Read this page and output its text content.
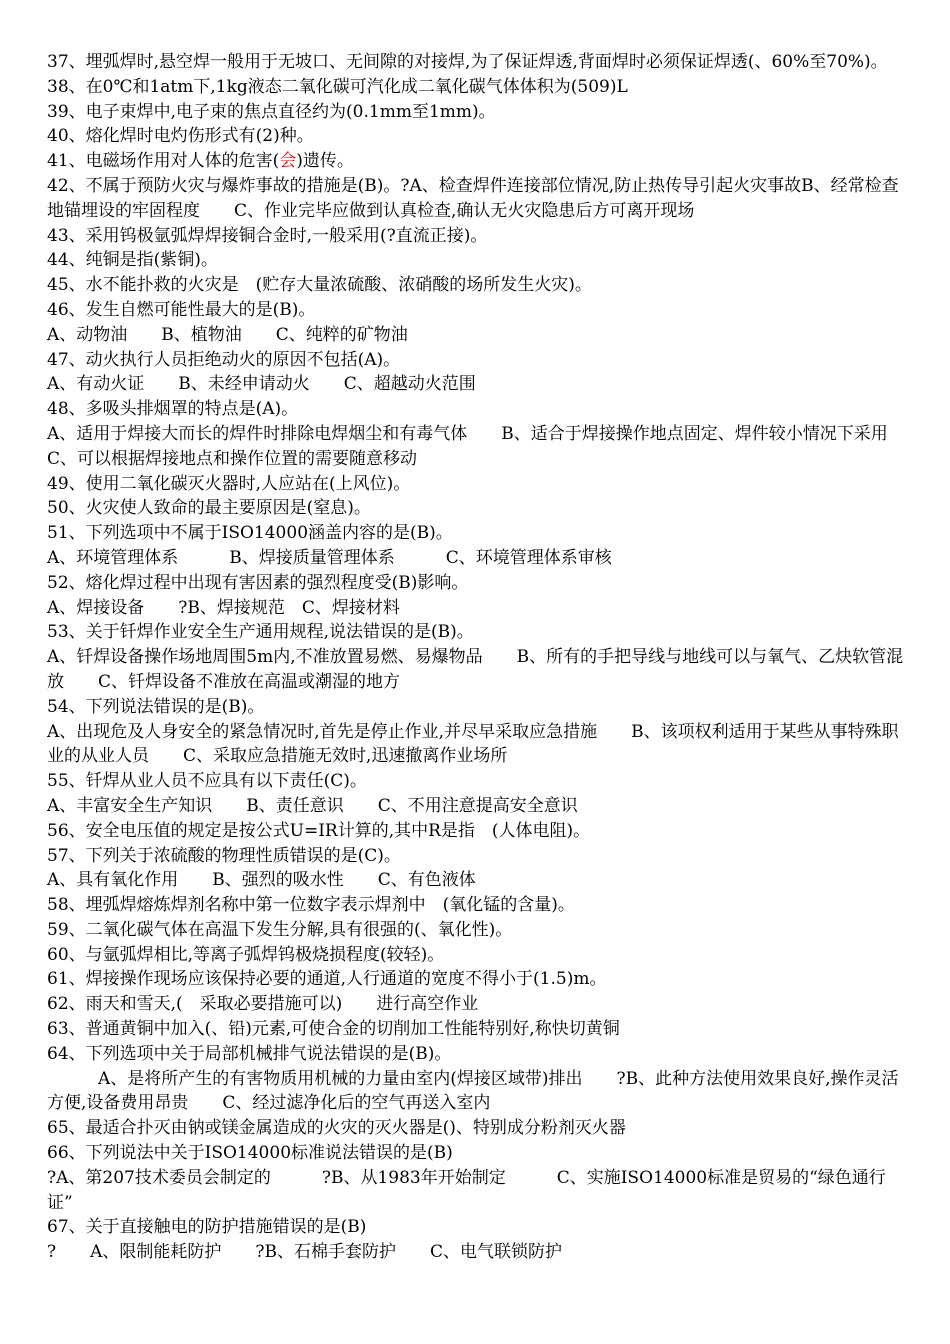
37、埋弧焊时,悬空焊一般用于无坡口、无间隙的对接焊,为了保证焊透,背面焊时必须保证焊透(、60%至70%)。
38、在0℃和1atm下,1kg液态二氧化碳可汽化成二氧化碳气体体积为(509)L
39、电子束焊中,电子束的焦点直径约为(0.1mm至1mm)。
40、熔化焊时电灼伤形式有(2)种。
41、电磁场作用对人体的危害(会)遗传。
42、不属于预防火灾与爆炸事故的措施是(B)。?A、检查焊件连接部位情况,防止热传导引起火灾事故B、经常检查地锚埋设的牢固程度　　C、作业完毕应做到认真检查,确认无火灾隐患后方可离开现场
43、采用钨极氩弧焊焊接铜合金时,一般采用(?直流正接)。
44、纯铜是指(紫铜)。
45、水不能扑救的火灾是　(贮存大量浓硫酸、浓硝酸的场所发生火灾)。
46、发生自燃可能性最大的是(B)。
A、动物油　　B、植物油　　C、纯粹的矿物油
47、动火执行人员拒绝动火的原因不包括(A)。
A、有动火证　　B、未经申请动火　　C、超越动火范围
48、多吸头排烟罩的特点是(A)。
A、适用于焊接大而长的焊件时排除电焊烟尘和有毒气体　　B、适合于焊接操作地点固定、焊件较小情况下采用　　　C、可以根据焊接地点和操作位置的需要随意移动
49、使用二氧化碳灭火器时,人应站在(上风位)。
50、火灾使人致命的最主要原因是(窒息)。
51、下列选项中不属于ISO14000涵盖内容的是(B)。
A、环境管理体系　　　B、焊接质量管理体系　　　C、环境管理体系审核
52、熔化焊过程中出现有害因素的强烈程度受(B)影响。
A、焊接设备　　?B、焊接规范　C、焊接材料
53、关于钎焊作业安全生产通用规程,说法错误的是(B)。
A、钎焊设备操作场地周围5m内,不准放置易燃、易爆物品　　B、所有的手把导线与地线可以与氧气、乙炔软管混放　　C、钎焊设备不准放在高温或潮湿的地方
54、下列说法错误的是(B)。
A、出现危及人身安全的紧急情况时,首先是停止作业,并尽早采取应急措施　　B、该项权利适用于某些从事特殊职业的从业人员　　C、采取应急措施无效时,迅速撤离作业场所
55、钎焊从业人员不应具有以下责任(C)。
A、丰富安全生产知识　　B、责任意识　　C、不用注意提高安全意识
56、安全电压值的规定是按公式U=IR计算的,其中R是指　(人体电阻)。
57、下列关于浓硫酸的物理性质错误的是(C)。
A、具有氧化作用　　B、强烈的吸水性　　C、有色液体
58、埋弧焊熔炼焊剂名称中第一位数字表示焊剂中　(氧化锰的含量)。
59、二氧化碳气体在高温下发生分解,具有很强的(、氧化性)。
60、与氩弧焊相比,等离子弧焊钨极烧损程度(较轻)。
61、焊接操作现场应该保持必要的通道,人行通道的宽度不得小于(1.5)m。
62、雨天和雪天,(　采取必要措施可以)　　进行高空作业
63、普通黄铜中加入(、铅)元素,可使合金的切削加工性能特别好,称快切黄铜
64、下列选项中关于局部机械排气说法错误的是(B)。
　　　A、是将所产生的有害物质用机械的力量由室内(焊接区域带)排出　　?B、此种方法使用效果良好,操作灵活方便,设备费用昂贵　　C、经过滤净化后的空气再送入室内
65、最适合扑灭由钠或镁金属造成的火灾的灭火器是()、特别成分粉剂灭火器
66、下列说法中关于ISO14000标准说法错误的是(B)
?A、第207技术委员会制定的　　　?B、从1983年开始制定　　　C、实施ISO14000标准是贸易的“绿色通行证”
67、关于直接触电的防护措施错误的是(B)
?　　A、限制能耗防护　　?B、石棉手套防护　　C、电气联锁防护
